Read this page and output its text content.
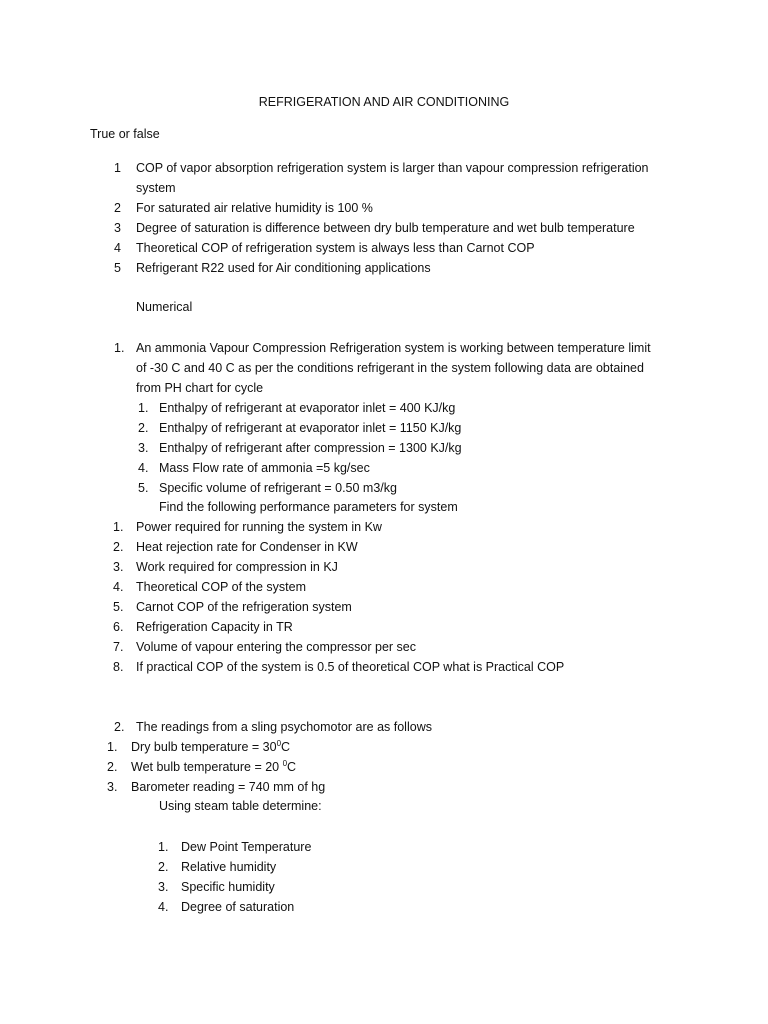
REFRIGERATION AND AIR CONDITIONING
True or false
1 COP of vapor absorption refrigeration system is larger than vapour compression refrigeration
system
2 For saturated air relative humidity is 100 %
3 Degree of saturation is difference between dry bulb temperature and wet bulb temperature
4 Theoretical COP of refrigeration system is always less than Carnot COP
5 Refrigerant R22 used for Air conditioning applications
Numerical
1. An ammonia Vapour Compression Refrigeration system is working between temperature limit
of -30 C and 40 C as per the conditions refrigerant in the system following data are obtained
from PH chart for cycle
1. Enthalpy of refrigerant at evaporator inlet = 400 KJ/kg
2. Enthalpy of refrigerant at evaporator inlet = 1150 KJ/kg
3. Enthalpy of refrigerant after compression = 1300 KJ/kg
4. Mass Flow rate of ammonia =5 kg/sec
5. Specific volume of refrigerant = 0.50 m3/kg
Find the following performance parameters for system
1. Power required for running the system in Kw
2. Heat rejection rate for Condenser in KW
3. Work required for compression in KJ
4. Theoretical COP of the system
5. Carnot COP of the refrigeration system
6. Refrigeration Capacity in TR
7. Volume of vapour entering the compressor per sec
8. If practical COP of the system is 0.5 of theoretical COP what is Practical COP
2. The readings from a sling psychomotor are as follows
1. Dry bulb temperature = $30^0C$
2. Wet bulb temperature = 20 $^0$C
3. Barometer reading = 740 mm of hg
Using steam table determine:
1. Dew Point Temperature
2. Relative humidity
3. Specific humidity
4. Degree of saturation
